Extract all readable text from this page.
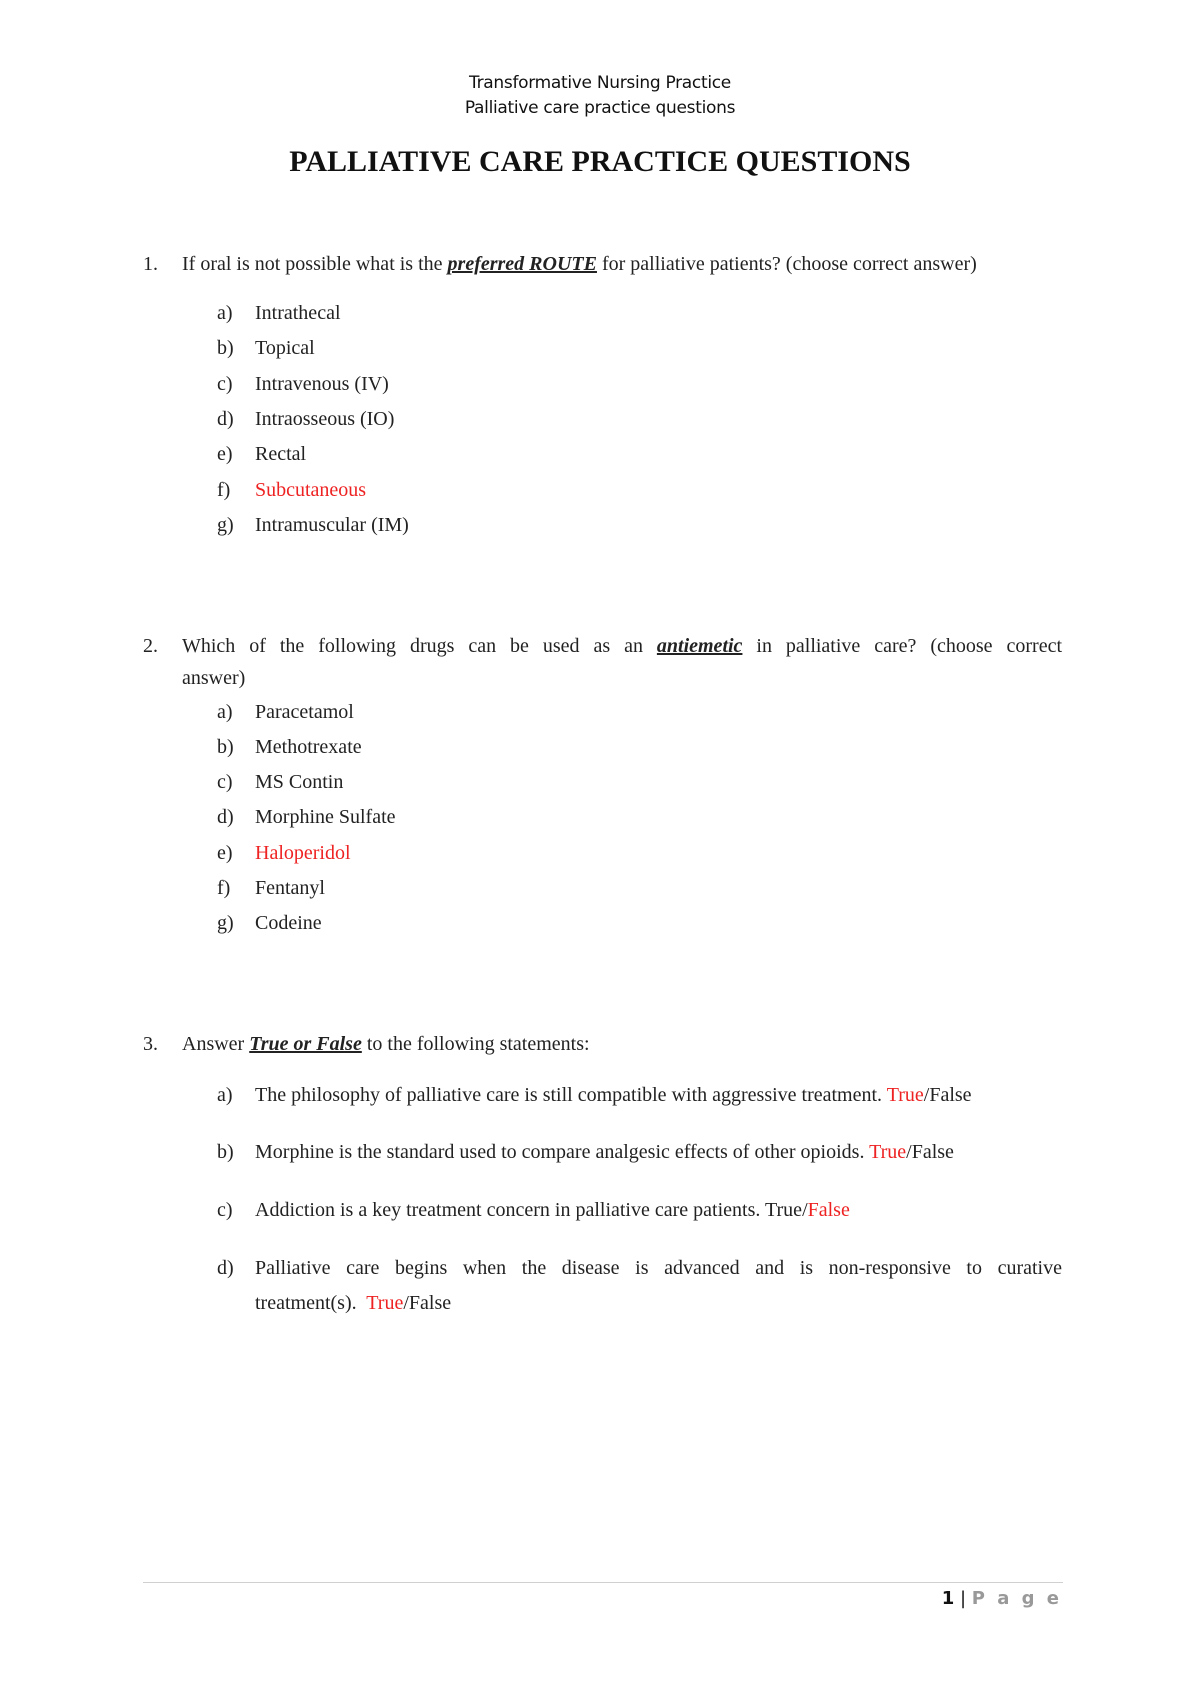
Transformative Nursing Practice
Palliative care practice questions
PALLIATIVE CARE PRACTICE QUESTIONS
1. If oral is not possible what is the preferred ROUTE for palliative patients? (choose correct answer)
a) Intrathecal
b) Topical
c) Intravenous (IV)
d) Intraosseous (IO)
e) Rectal
f) Subcutaneous
g) Intramuscular (IM)
2. Which of the following drugs can be used as an antiemetic in palliative care? (choose correct
answer)
a) Paracetamol
b) Methotrexate
c) MS Contin
d) Morphine Sulfate
e) Haloperidol
f) Fentanyl
g) Codeine
3. Answer True or False to the following statements:
a) The philosophy of palliative care is still compatible with aggressive treatment. True/False
b) Morphine is the standard used to compare analgesic effects of other opioids. True/False
c) Addiction is a key treatment concern in palliative care patients. True/False
d) Palliative care begins when the disease is advanced and is non-responsive to curative
treatment(s).  True/False
1 | P a g e
